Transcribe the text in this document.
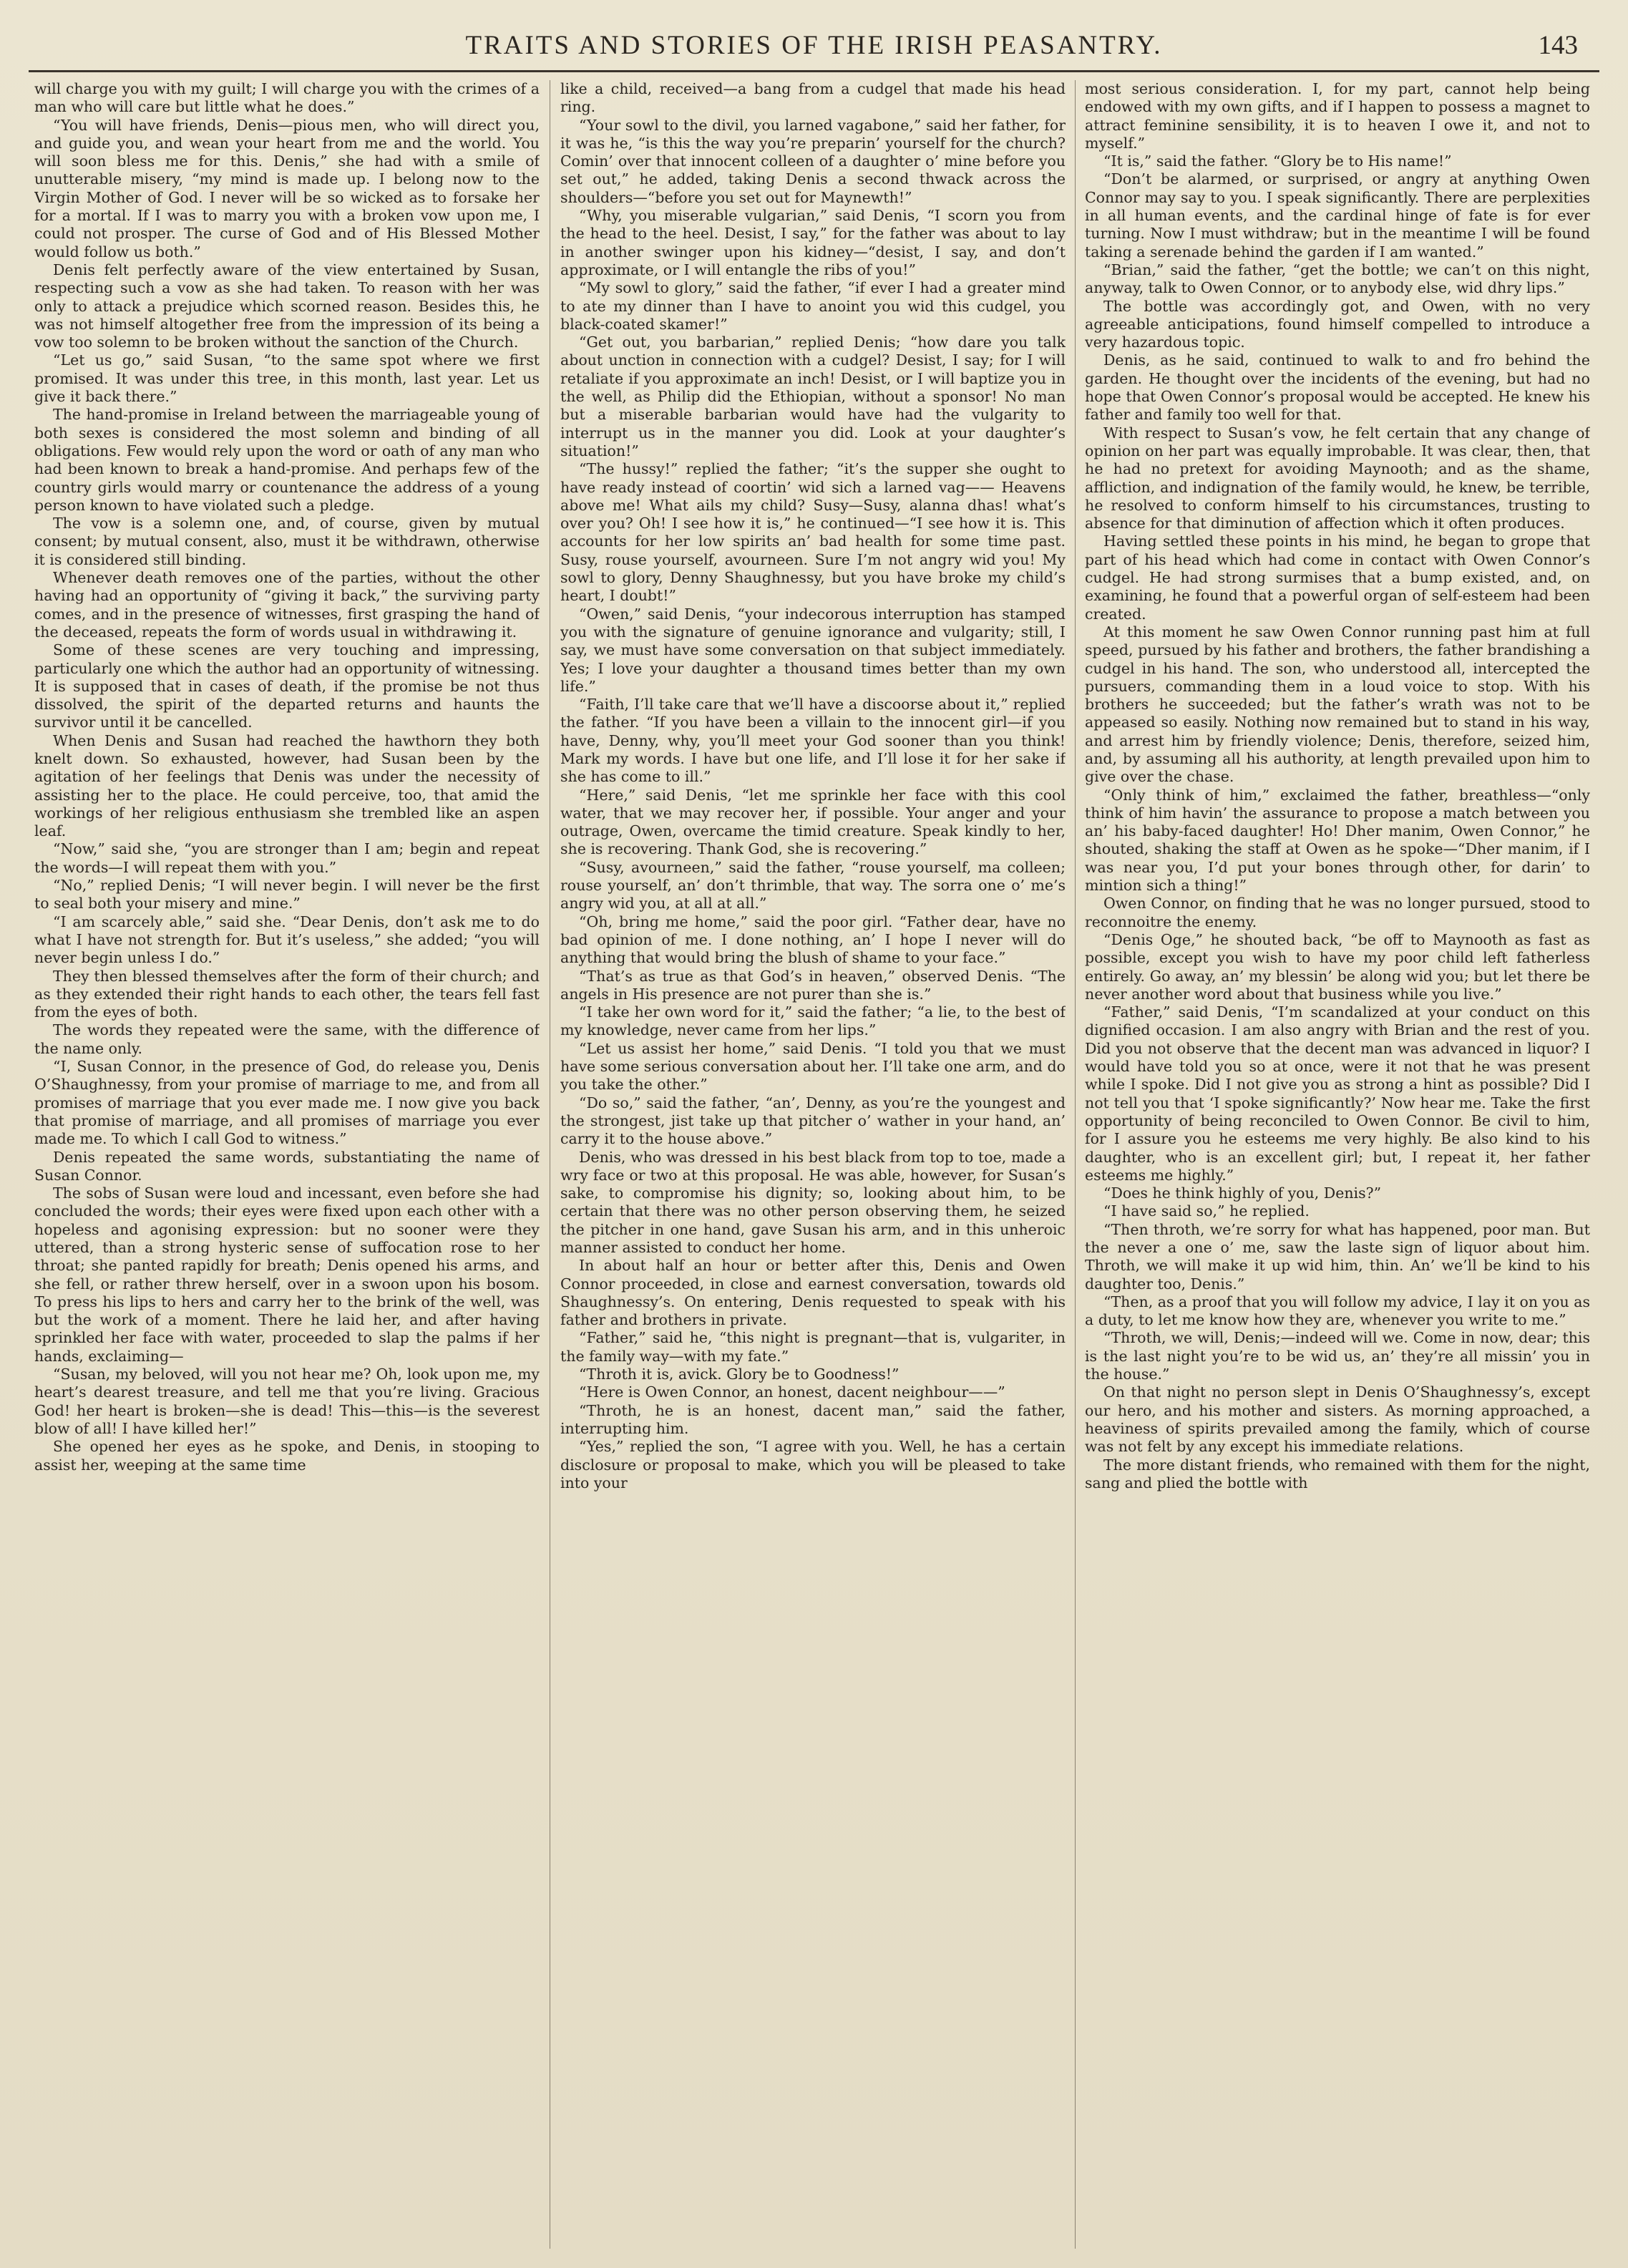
TRAITS AND STORIES OF THE IRISH PEASANTRY.	143

will charge you with my guilt; I will charge you with the crimes of a man who will care but little what he does.”

“You will have friends, Denis—pious men, who will direct you, and guide you, and wean your heart from me and the world. You will soon bless me for this. Denis,” she had with a smile of unutterable misery, “my mind is made up. I belong now to the Virgin Mother of God. I never will be so wicked as to forsake her for a mortal. If I was to marry you with a broken vow upon me, I could not prosper. The curse of God and of His Blessed Mother would follow us both.”

Denis felt perfectly aware of the view entertained by Susan, respecting such a vow as she had taken. To reason with her was only to attack a prejudice which scorned reason. Besides this, he was not himself altogether free from the impression of its being a vow too solemn to be broken without the sanction of the Church.

“Let us go,” said Susan, “to the same spot where we first promised. It was under this tree, in this month, last year. Let us give it back there.”

The hand-promise in Ireland between the marriageable young of both sexes is considered the most solemn and binding of all obligations. Few would rely upon the word or oath of any man who had been known to break a hand-promise. And perhaps few of the country girls would marry or countenance the address of a young person known to have violated such a pledge.

The vow is a solemn one, and, of course, given by mutual consent; by mutual consent, also, must it be withdrawn, otherwise it is considered still binding.

Whenever death removes one of the parties, without the other having had an opportunity of “giving it back,” the surviving party comes, and in the presence of witnesses, first grasping the hand of the deceased, repeats the form of words usual in withdrawing it.

Some of these scenes are very touching and impressing, particularly one which the author had an opportunity of witnessing. It is supposed that in cases of death, if the promise be not thus dissolved, the spirit of the departed returns and haunts the survivor until it be cancelled.

When Denis and Susan had reached the hawthorn they both knelt down. So exhausted, however, had Susan been by the agitation of her feelings that Denis was under the necessity of assisting her to the place. He could perceive, too, that amid the workings of her religious enthusiasm she trembled like an aspen leaf.

“Now,” said she, “you are stronger than I am; begin and repeat the words—I will repeat them with you.”

“No,” replied Denis; “I will never begin. I will never be the first to seal both your misery and mine.”

“I am scarcely able,” said she. “Dear Denis, don’t ask me to do what I have not strength for. But it’s useless,” she added; “you will never begin unless I do.”

They then blessed themselves after the form of their church; and as they extended their right hands to each other, the tears fell fast from the eyes of both.

The words they repeated were the same, with the difference of the name only.

“I, Susan Connor, in the presence of God, do release you, Denis O’Shaughnessy, from your promise of marriage to me, and from all promises of marriage that you ever made me. I now give you back that promise of marriage, and all promises of marriage you ever made me. To which I call God to witness.”

Denis repeated the same words, substantiating the name of Susan Connor.

The sobs of Susan were loud and incessant, even before she had concluded the words; their eyes were fixed upon each other with a hopeless and agonising expression: but no sooner were they uttered, than a strong hysteric sense of suffocation rose to her throat; she panted rapidly for breath; Denis opened his arms, and she fell, or rather threw herself, over in a swoon upon his bosom. To press his lips to hers and carry her to the brink of the well, was but the work of a moment. There he laid her, and after having sprinkled her face with water, proceeded to slap the palms if her hands, exclaiming—

“Susan, my beloved, will you not hear me? Oh, look upon me, my heart’s dearest treasure, and tell me that you’re living. Gracious God! her heart is broken—she is dead! This—this—is the severest blow of all! I have killed her!”

She opened her eyes as he spoke, and Denis, in stooping to assist her, weeping at the same time

like a child, received—a bang from a cudgel that made his head ring.

“Your sowl to the divil, you larned vagabone,” said her father, for it was he, “is this the way you’re preparin’ yourself for the church? Comin’ over that innocent colleen of a daughter o’ mine before you set out,” he added, taking Denis a second thwack across the shoulders—“before you set out for Maynewth!”

“Why, you miserable vulgarian,” said Denis, “I scorn you from the head to the heel. Desist, I say,” for the father was about to lay in another swinger upon his kidney—“desist, I say, and don’t approximate, or I will entangle the ribs of you!”

“My sowl to glory,” said the father, “if ever I had a greater mind to ate my dinner than I have to anoint you wid this cudgel, you black-coated skamer!”

“Get out, you barbarian,” replied Denis; “how dare you talk about unction in connection with a cudgel? Desist, I say; for I will retaliate if you approximate an inch! Desist, or I will baptize you in the well, as Philip did the Ethiopian, without a sponsor! No man but a miserable barbarian would have had the vulgarity to interrupt us in the manner you did. Look at your daughter’s situation!”

“The hussy!” replied the father; “it’s the supper she ought to have ready instead of coortin’ wid sich a larned vag—— Heavens above me! What ails my child? Susy—Susy, alanna dhas! what’s over you? Oh! I see how it is,” he continued—“I see how it is. This accounts for her low spirits an’ bad health for some time past. Susy, rouse yourself, avourneen. Sure I’m not angry wid you! My sowl to glory, Denny Shaughnessy, but you have broke my child’s heart, I doubt!”

“Owen,” said Denis, “your indecorous interruption has stamped you with the signature of genuine ignorance and vulgarity; still, I say, we must have some conversation on that subject immediately. Yes; I love your daughter a thousand times better than my own life.”

“Faith, I’ll take care that we’ll have a discoorse about it,” replied the father. “If you have been a villain to the innocent girl—if you have, Denny, why, you’ll meet your God sooner than you think! Mark my words. I have but one life, and I’ll lose it for her sake if she has come to ill.”

“Here,” said Denis, “let me sprinkle her face with this cool water, that we may recover her, if possible. Your anger and your outrage, Owen, overcame the timid creature. Speak kindly to her, she is recovering. Thank God, she is recovering.”

“Susy, avourneen,” said the father, “rouse yourself, ma colleen; rouse yourself, an’ don’t thrimble, that way. The sorra one o’ me’s angry wid you, at all at all.”

“Oh, bring me home,” said the poor girl. “Father dear, have no bad opinion of me. I done nothing, an’ I hope I never will do anything that would bring the blush of shame to your face.”

“That’s as true as that God’s in heaven,” observed Denis. “The angels in His presence are not purer than she is.”

“I take her own word for it,” said the father; “a lie, to the best of my knowledge, never came from her lips.”

“Let us assist her home,” said Denis. “I told you that we must have some serious conversation about her. I’ll take one arm, and do you take the other.”

“Do so,” said the father, “an’, Denny, as you’re the youngest and the strongest, jist take up that pitcher o’ wather in your hand, an’ carry it to the house above.”

Denis, who was dressed in his best black from top to toe, made a wry face or two at this proposal. He was able, however, for Susan’s sake, to compromise his dignity; so, looking about him, to be certain that there was no other person observing them, he seized the pitcher in one hand, gave Susan his arm, and in this unheroic manner assisted to conduct her home.

In about half an hour or better after this, Denis and Owen Connor proceeded, in close and earnest conversation, towards old Shaughnessy’s. On entering, Denis requested to speak with his father and brothers in private.

“Father,” said he, “this night is pregnant—that is, vulgariter, in the family way—with my fate.”

“Throth it is, avick. Glory be to Goodness!”

“Here is Owen Connor, an honest, dacent neighbour——”

“Throth, he is an honest, dacent man,” said the father, interrupting him.

“Yes,” replied the son, “I agree with you. Well, he has a certain disclosure or proposal to make, which you will be pleased to take into your

most serious consideration. I, for my part, cannot help being endowed with my own gifts, and if I happen to possess a magnet to attract feminine sensibility, it is to heaven I owe it, and not to myself.”

“It is,” said the father. “Glory be to His name!”

“Don’t be alarmed, or surprised, or angry at anything Owen Connor may say to you. I speak significantly. There are perplexities in all human events, and the cardinal hinge of fate is for ever turning. Now I must withdraw; but in the meantime I will be found taking a serenade behind the garden if I am wanted.”

“Brian,” said the father, “get the bottle; we can’t on this night, anyway, talk to Owen Connor, or to anybody else, wid dhry lips.”

The bottle was accordingly got, and Owen, with no very agreeable anticipations, found himself compelled to introduce a very hazardous topic.

Denis, as he said, continued to walk to and fro behind the garden. He thought over the incidents of the evening, but had no hope that Owen Connor’s proposal would be accepted. He knew his father and family too well for that.

With respect to Susan’s vow, he felt certain that any change of opinion on her part was equally improbable. It was clear, then, that he had no pretext for avoiding Maynooth; and as the shame, affliction, and indignation of the family would, he knew, be terrible, he resolved to conform himself to his circumstances, trusting to absence for that diminution of affection which it often produces.

Having settled these points in his mind, he began to grope that part of his head which had come in contact with Owen Connor’s cudgel. He had strong surmises that a bump existed, and, on examining, he found that a powerful organ of self-esteem had been created.

At this moment he saw Owen Connor running past him at full speed, pursued by his father and brothers, the father brandishing a cudgel in his hand. The son, who understood all, intercepted the pursuers, commanding them in a loud voice to stop. With his brothers he succeeded; but the father’s wrath was not to be appeased so easily. Nothing now remained but to stand in his way, and arrest him by friendly violence; Denis, therefore, seized him, and, by assuming all his authority, at length prevailed upon him to give over the chase.

“Only think of him,” exclaimed the father, breathless—“only think of him havin’ the assurance to propose a match between you an’ his baby-faced daughter! Ho! Dher manim, Owen Connor,” he shouted, shaking the staff at Owen as he spoke—“Dher manim, if I was near you, I’d put your bones through other, for darin’ to mintion sich a thing!”

Owen Connor, on finding that he was no longer pursued, stood to reconnoitre the enemy.

“Denis Oge,” he shouted back, “be off to Maynooth as fast as possible, except you wish to have my poor child left fatherless entirely. Go away, an’ my blessin’ be along wid you; but let there be never another word about that business while you live.”

“Father,” said Denis, “I’m scandalized at your conduct on this dignified occasion. I am also angry with Brian and the rest of you. Did you not observe that the decent man was advanced in liquor? I would have told you so at once, were it not that he was present while I spoke. Did I not give you as strong a hint as possible? Did I not tell you that ‘I spoke significantly?’ Now hear me. Take the first opportunity of being reconciled to Owen Connor. Be civil to him, for I assure you he esteems me very highly. Be also kind to his daughter, who is an excellent girl; but, I repeat it, her father esteems me highly.”

“Does he think highly of you, Denis?”

“I have said so,” he replied.

“Then throth, we’re sorry for what has happened, poor man. But the never a one o’ me, saw the laste sign of liquor about him. Throth, we will make it up wid him, thin. An’ we’ll be kind to his daughter too, Denis.”

“Then, as a proof that you will follow my advice, I lay it on you as a duty, to let me know how they are, whenever you write to me.”

“Throth, we will, Denis;—indeed will we. Come in now, dear; this is the last night you’re to be wid us, an’ they’re all missin’ you in the house.”

On that night no person slept in Denis O’Shaughnessy’s, except our hero, and his mother and sisters. As morning approached, a heaviness of spirits prevailed among the family, which of course was not felt by any except his immediate relations.

The more distant friends, who remained with them for the night, sang and plied the bottle with
